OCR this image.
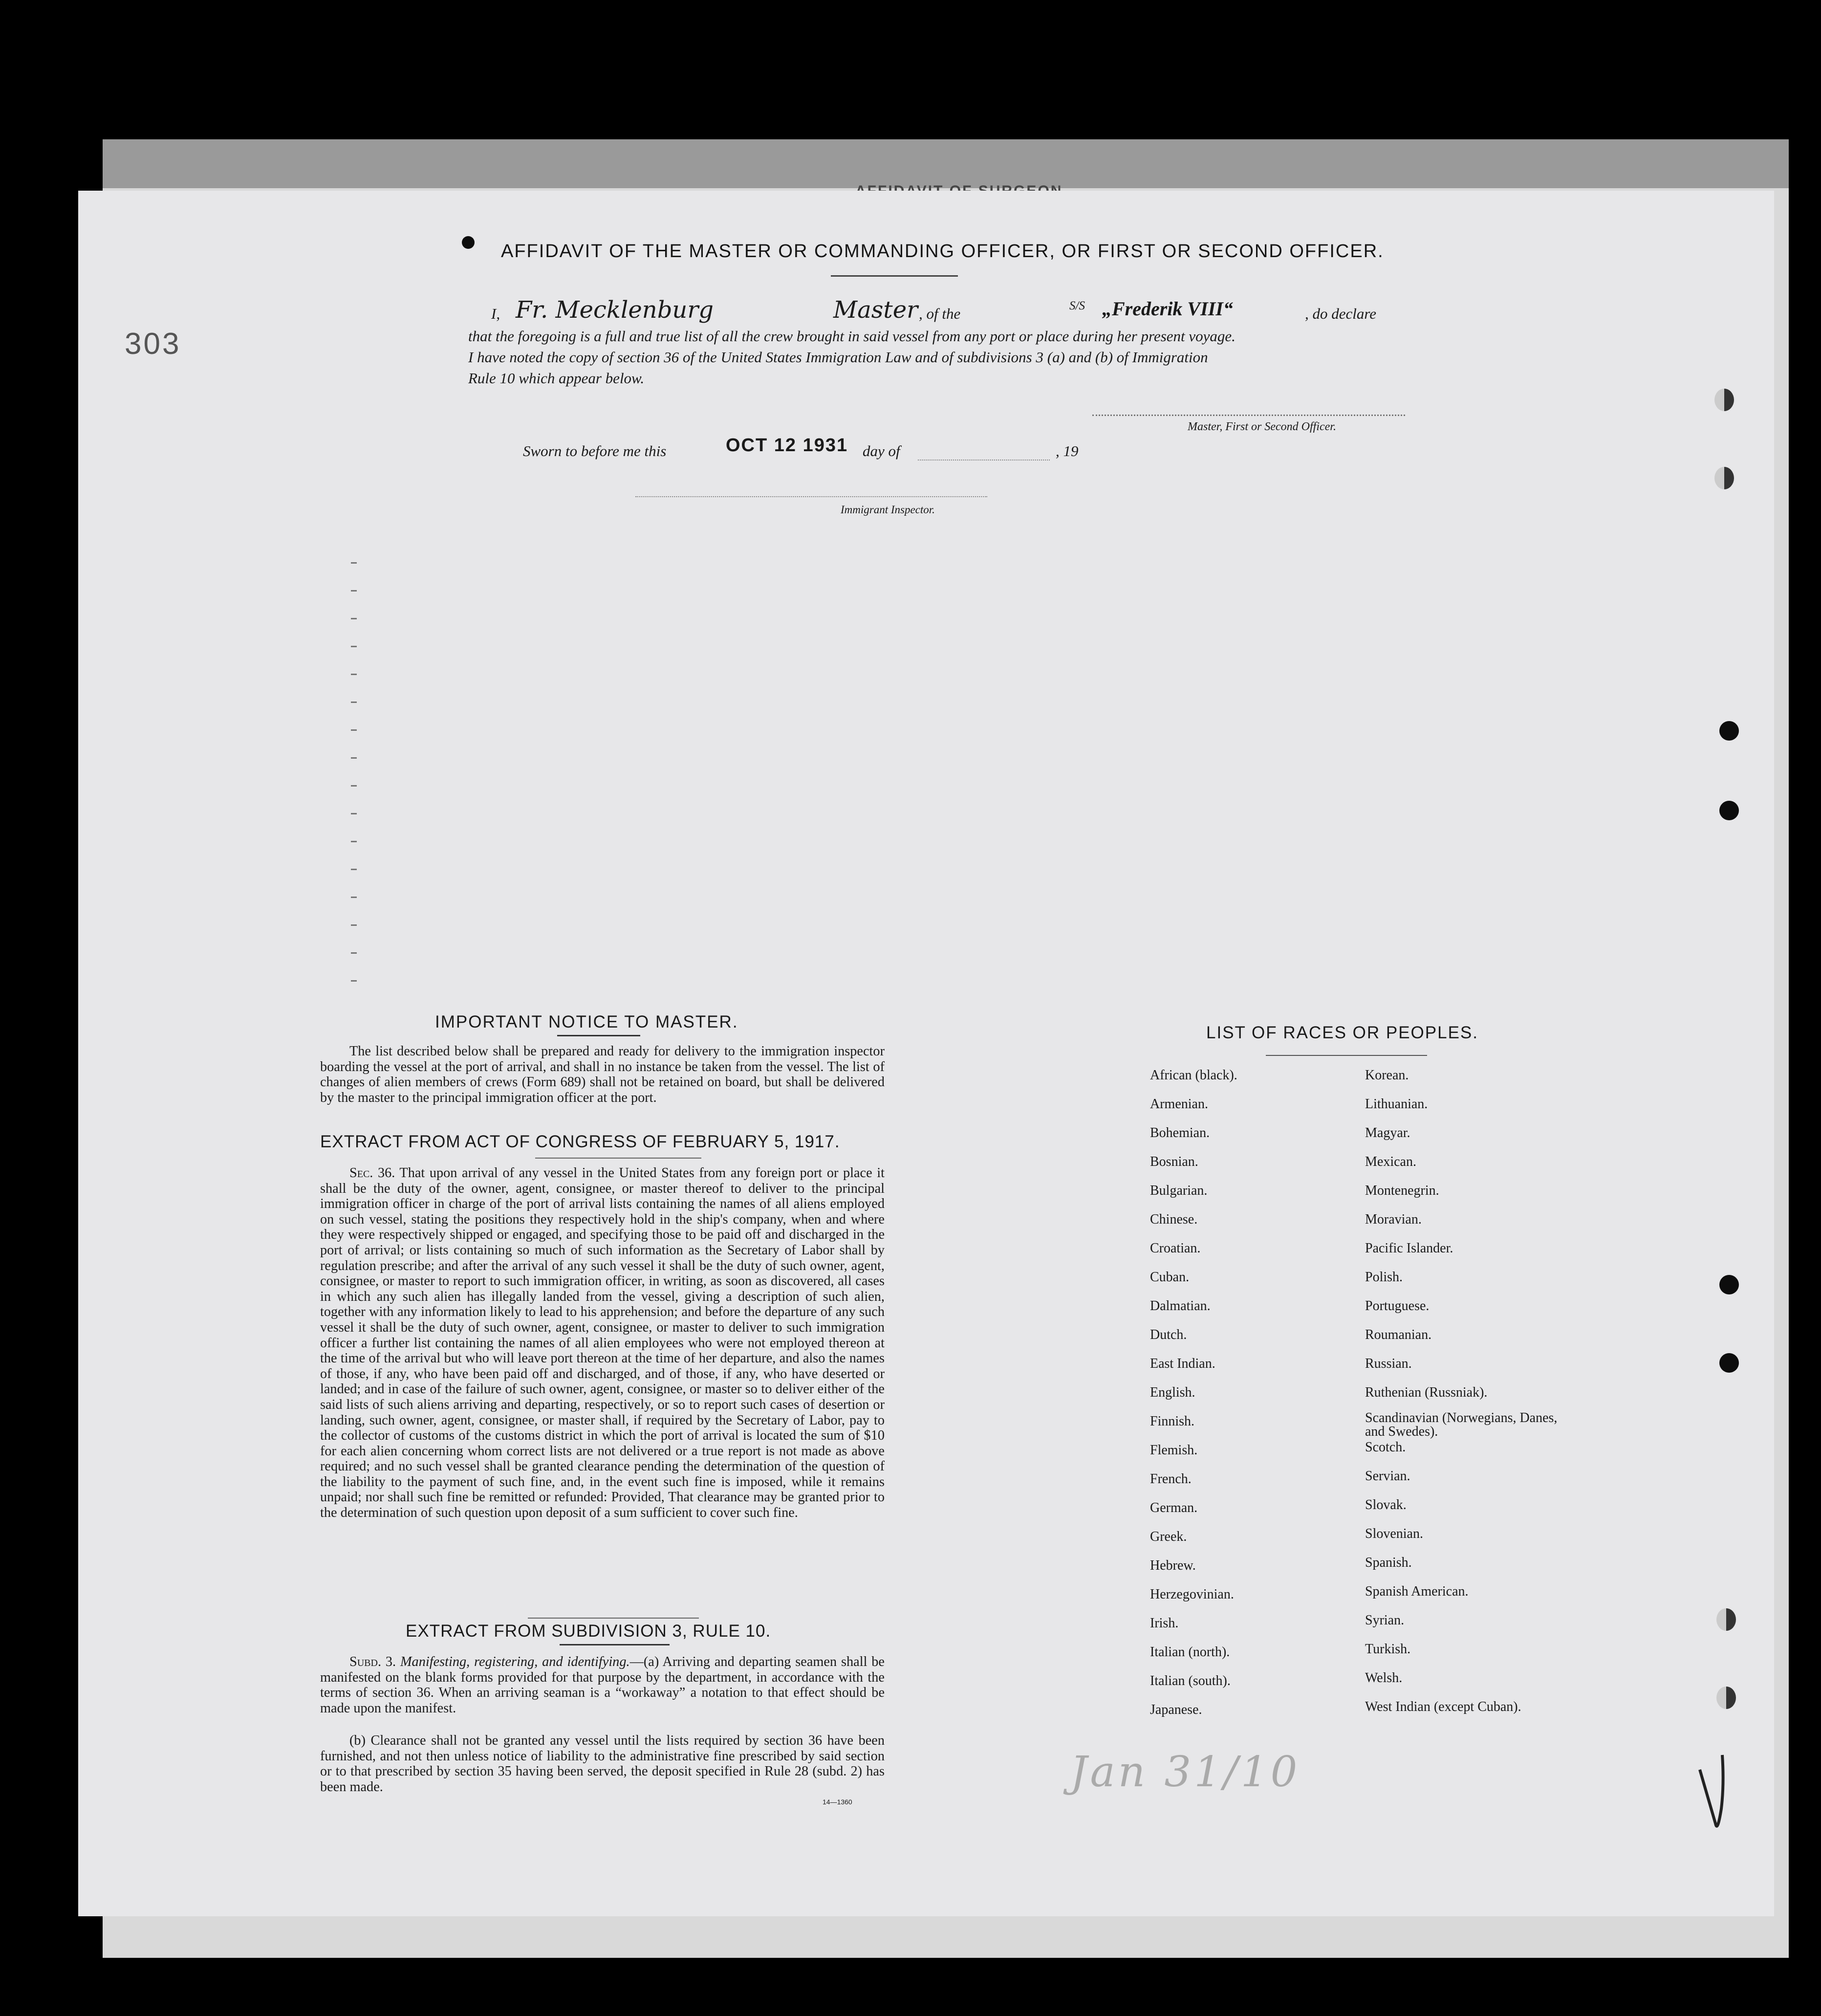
303
AFFIDAVIT OF THE MASTER OR COMMANDING OFFICER, OR FIRST OR SECOND OFFICER.
I, Fr. Mecklenburg	Master , of the	S/S „Frederik VIII“	, do declare
that the foregoing is a full and true list of all the crew brought in said vessel from any port or place during her present voyage.
I have noted the copy of section 36 of the United States Immigration Law and of subdivisions 3 (a) and (b) of Immigration
Rule 10 which appear below.
Master, First or Second Officer.
Sworn to before me this	OCT 12 1931 day of	, 19
Immigrant Inspector.
IMPORTANT NOTICE TO MASTER.

The list described below shall be prepared and ready for delivery to the immigration inspector boarding the vessel at the port of arrival, and shall in no instance be taken from the vessel. The list of changes of alien members of crews (Form 689) shall not be retained on board, but shall be delivered by the master to the principal immigration officer at the port.

EXTRACT FROM ACT OF CONGRESS OF FEBRUARY 5, 1917.

Sec. 36. That upon arrival of any vessel in the United States from any foreign port or place it shall be the duty of the owner, agent, consignee, or master thereof to deliver to the principal immigration officer in charge of the port of arrival lists containing the names of all aliens employed on such vessel, stating the positions they respectively hold in the ship's company, when and where they were respectively shipped or engaged, and specifying those to be paid off and discharged in the port of arrival; or lists containing so much of such information as the Secretary of Labor shall by regulation prescribe; and after the arrival of any such vessel it shall be the duty of such owner, agent, consignee, or master to report to such immigration officer, in writing, as soon as discovered, all cases in which any such alien has illegally landed from the vessel, giving a description of such alien, together with any information likely to lead to his apprehension; and before the departure of any such vessel it shall be the duty of such owner, agent, consignee, or master to deliver to such immigration officer a further list containing the names of all alien employees who were not employed thereon at the time of the arrival but who will leave port thereon at the time of her departure, and also the names of those, if any, who have been paid off and discharged, and of those, if any, who have deserted or landed; and in case of the failure of such owner, agent, consignee, or master so to deliver either of the said lists of such aliens arriving and departing, respectively, or so to report such cases of desertion or landing, such owner, agent, consignee, or master shall, if required by the Secretary of Labor, pay to the collector of customs of the customs district in which the port of arrival is located the sum of $10 for each alien concerning whom correct lists are not delivered or a true report is not made as above required; and no such vessel shall be granted clearance pending the determination of the question of the liability to the payment of such fine, and, in the event such fine is imposed, while it remains unpaid; nor shall such fine be remitted or refunded: Provided, That clearance may be granted prior to the determination of such question upon deposit of a sum sufficient to cover such fine.

EXTRACT FROM SUBDIVISION 3, RULE 10.

Subd. 3. Manifesting, registering, and identifying.—(a) Arriving and departing seamen shall be manifested on the blank forms provided for that purpose by the department, in accordance with the terms of section 36. When an arriving seaman is a “workaway” a notation to that effect should be made upon the manifest.

(b) Clearance shall not be granted any vessel until the lists required by section 36 have been furnished, and not then unless notice of liability to the administrative fine prescribed by said section or to that prescribed by section 35 having been served, the deposit specified in Rule 28 (subd. 2) has been made.

14—1360
LIST OF RACES OR PEOPLES.
African (black).
Armenian.
Bohemian.
Bosnian.
Bulgarian.
Chinese.
Croatian.
Cuban.
Dalmatian.
Dutch.
East Indian.
English.
Finnish.
Flemish.
French.
German.
Greek.
Hebrew.
Herzegovinian.
Irish.
Italian (north).
Italian (south).
Japanese.
Korean.
Lithuanian.
Magyar.
Mexican.
Montenegrin.
Moravian.
Pacific Islander.
Polish.
Portuguese.
Roumanian.
Russian.
Ruthenian (Russniak).
Scandinavian (Norwegians, Danes, and Swedes).
Scotch.
Servian.
Slovak.
Slovenian.
Spanish.
Spanish American.
Syrian.
Turkish.
Welsh.
West Indian (except Cuban).
Jan 31/10
